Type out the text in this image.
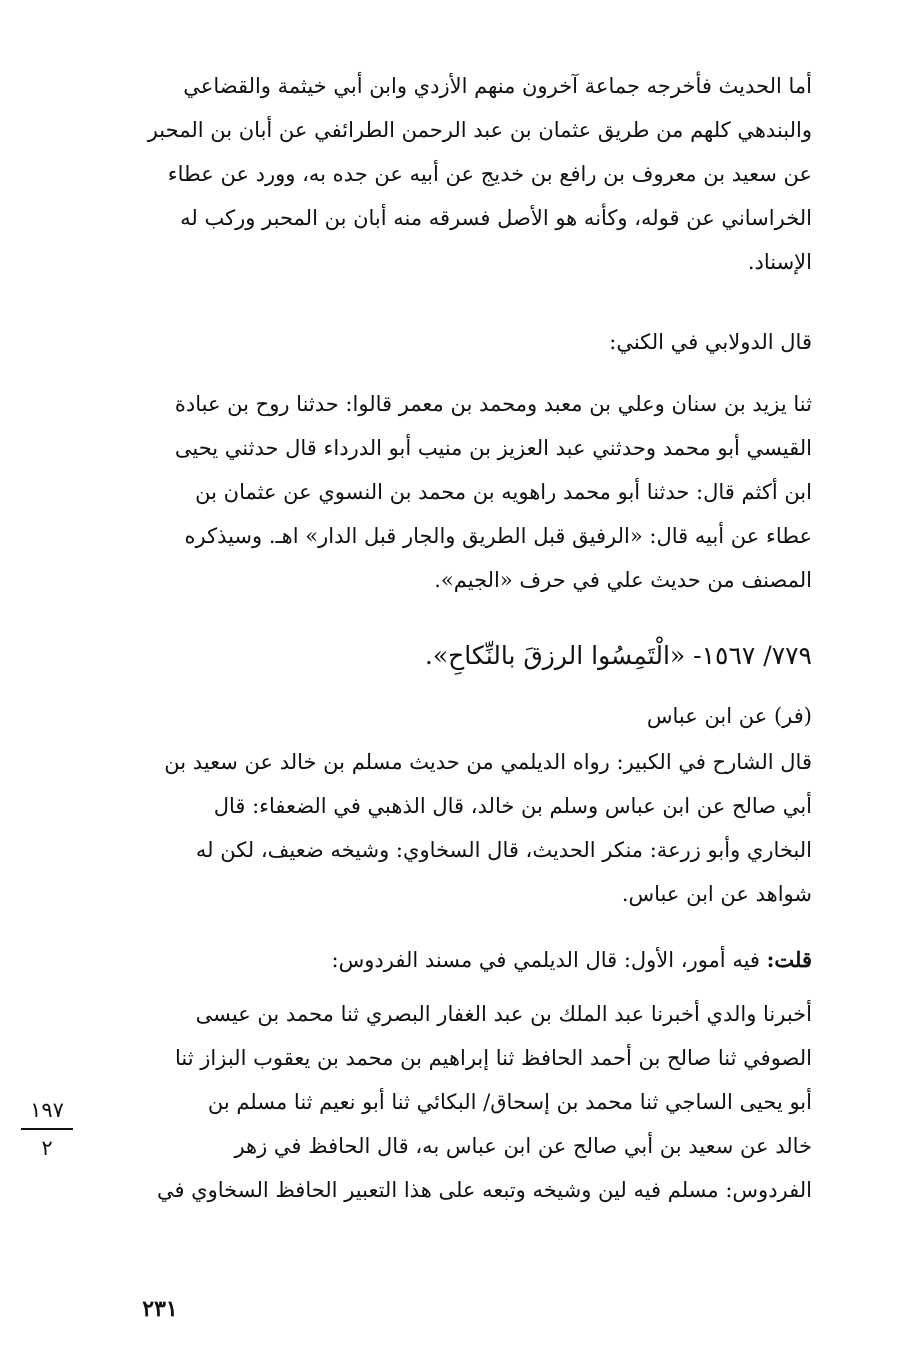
أما الحديث فأخرجه جماعة آخرون منهم الأزدي وابن أبي خيثمة والقضاعي
والبندهي كلهم من طريق عثمان بن عبد الرحمن الطرائفي عن أبان بن المحبر
عن سعيد بن معروف بن رافع بن خديج عن أبيه عن جده به، وورد عن عطاء
الخراساني عن قوله، وكأنه هو الأصل فسرقه منه أبان بن المحبر وركب له
الإسناد.
قال الدولابي في الكني:
ثنا يزيد بن سنان وعلي بن معبد ومحمد بن معمر قالوا: حدثنا روح بن عبادة
القيسي أبو محمد وحدثني عبد العزيز بن منيب أبو الدرداء قال حدثني يحيى
ابن أكثم قال: حدثنا أبو محمد راهويه بن محمد بن النسوي عن عثمان بن
عطاء عن أبيه قال: «الرفيق قبل الطريق والجار قبل الدار» اهـ. وسيذكره
المصنف من حديث علي في حرف «الجيم».
٧٧٩/ ١٥٦٧- «الْتَمِسُوا الرزقَ بالنِّكاحِ».
(فر) عن ابن عباس
قال الشارح في الكبير: رواه الديلمي من حديث مسلم بن خالد عن سعيد بن
أبي صالح عن ابن عباس وسلم بن خالد، قال الذهبي في الضعفاء: قال
البخاري وأبو زرعة: منكر الحديث، قال السخاوي: وشيخه ضعيف، لكن له
شواهد عن ابن عباس.
قلت: فيه أمور، الأول: قال الديلمي في مسند الفردوس:
أخبرنا والدي أخبرنا عبد الملك بن عبد الغفار البصري ثنا محمد بن عيسى
الصوفي ثنا صالح بن أحمد الحافظ ثنا إبراهيم بن محمد بن يعقوب البزاز ثنا
أبو يحيى الساجي ثنا محمد بن إسحاق/ البكائي ثنا أبو نعيم ثنا مسلم بن
خالد عن سعيد بن أبي صالح عن ابن عباس به، قال الحافظ في زهر
الفردوس: مسلم فيه لين وشيخه وتبعه على هذا التعبير الحافظ السخاوي في
١٩٧
٢
٢٣١
